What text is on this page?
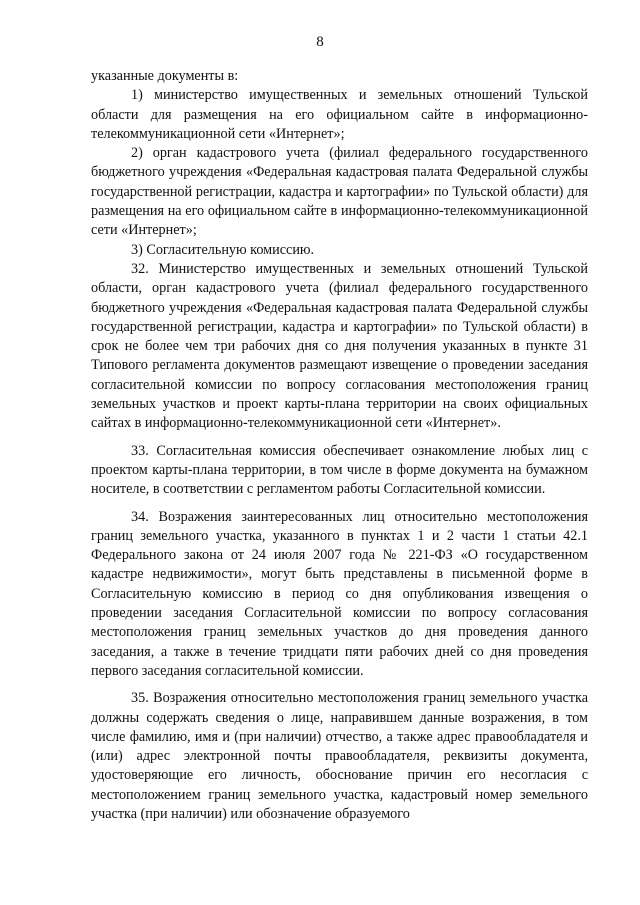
8

указанные документы в:

1) министерство имущественных и земельных отношений Тульской области для размещения на его официальном сайте в информационно-телекоммуникационной сети «Интернет»;

2) орган кадастрового учета (филиал федерального государственного бюджетного учреждения «Федеральная кадастровая палата Федеральной службы государственной регистрации, кадастра и картографии» по Тульской области) для размещения на его официальном сайте в информационно-телекоммуникационной сети «Интернет»;

3) Согласительную комиссию.

32. Министерство имущественных и земельных отношений Тульской области, орган кадастрового учета (филиал федерального государственного бюджетного учреждения «Федеральная кадастровая палата Федеральной службы государственной регистрации, кадастра и картографии» по Тульской области) в срок не более чем три рабочих дня со дня получения указанных в пункте 31 Типового регламента документов размещают извещение о проведении заседания согласительной комиссии по вопросу согласования местоположения границ земельных участков и проект карты-плана территории на своих официальных сайтах в информационно-телекоммуникационной сети «Интернет».

33. Согласительная комиссия обеспечивает ознакомление любых лиц с проектом карты-плана территории, в том числе в форме документа на бумажном носителе, в соответствии с регламентом работы Согласительной комиссии.

34. Возражения заинтересованных лиц относительно местоположения границ земельного участка, указанного в пунктах 1 и 2 части 1 статьи 42.1 Федерального закона от 24 июля 2007 года № 221-ФЗ «О государственном кадастре недвижимости», могут быть представлены в письменной форме в Согласительную комиссию в период со дня опубликования извещения о проведении заседания Согласительной комиссии по вопросу согласования местоположения границ земельных участков до дня проведения данного заседания, а также в течение тридцати пяти рабочих дней со дня проведения первого заседания согласительной комиссии.

35. Возражения относительно местоположения границ земельного участка должны содержать сведения о лице, направившем данные возражения, в том числе фамилию, имя и (при наличии) отчество, а также адрес правообладателя и (или) адрес электронной почты правообладателя, реквизиты документа, удостоверяющие его личность, обоснование причин его несогласия с местоположением границ земельного участка, кадастровый номер земельного участка (при наличии) или обозначение образуемого
